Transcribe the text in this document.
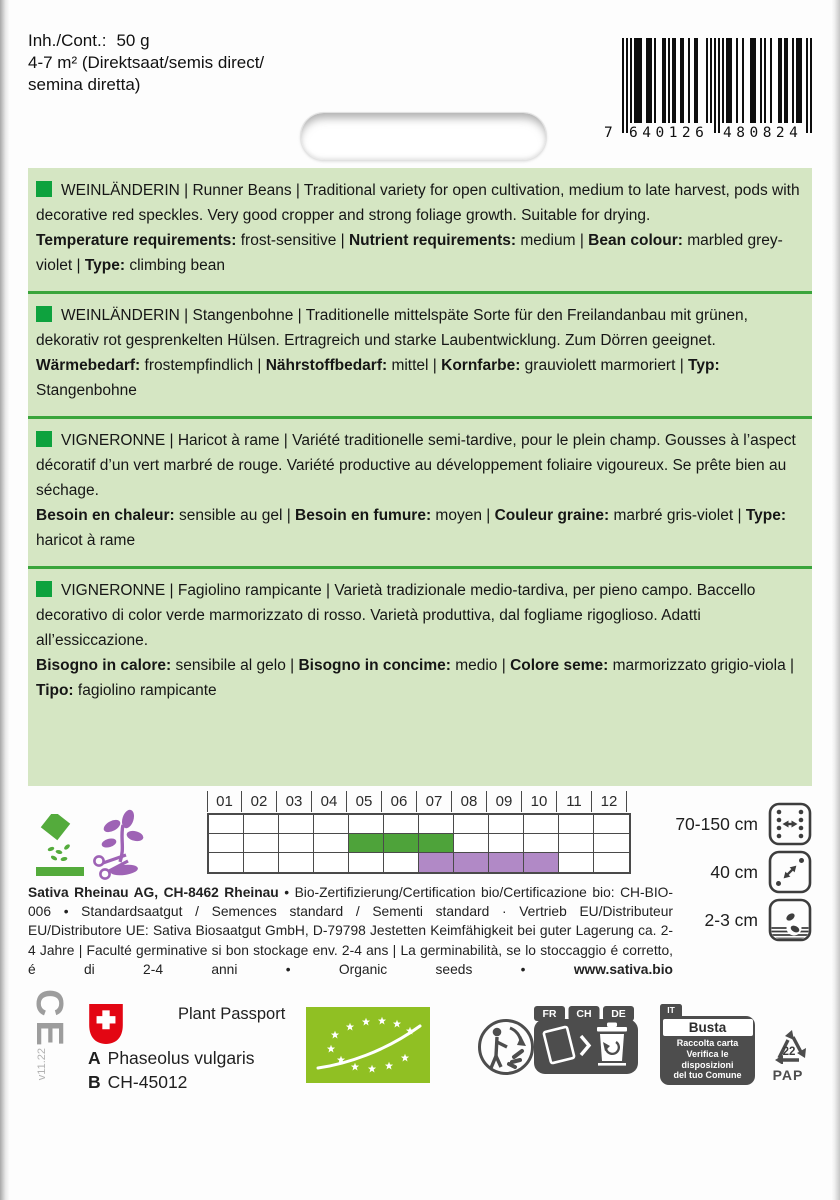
Inh./Cont.: 50 g
4-7 m² (Direktsaat/semis direct/
semina diretta)
7 640126 480824
WEINLÄNDERIN | Runner Beans | Traditional variety for open cultivation, medium to late harvest, pods with decorative red speckles. Very good cropper and strong foliage growth. Suitable for drying.
Temperature requirements: frost-sensitive | Nutrient requirements: medium | Bean colour: marbled grey-violet | Type: climbing bean
WEINLÄNDERIN | Stangenbohne | Traditionelle mittelspäte Sorte für den Freilandanbau mit grünen, dekorativ rot gesprenkelten Hülsen. Ertragreich und starke Laubentwicklung. Zum Dörren geeignet.
Wärmebedarf: frostempfindlich | Nährstoffbedarf: mittel | Kornfarbe: grauviolett marmoriert | Typ: Stangenbohne
VIGNERONNE | Haricot à rame | Variété traditionelle semi-tardive, pour le plein champ. Gousses à l’aspect décoratif d’un vert marbré de rouge. Variété productive au développement foliaire vigoureux. Se prête bien au séchage.
Besoin en chaleur: sensible au gel | Besoin en fumure: moyen | Couleur graine: marbré gris-violet | Type: haricot à rame
VIGNERONNE | Fagiolino rampicante | Varietà tradizionale medio-tardiva, per pieno campo. Baccello decorativo di color verde marmorizzato di rosso. Varietà produttiva, dal fogliame rigoglioso. Adatti all’essiccazione.
Bisogno in calore: sensibile al gelo | Bisogno in concime: medio | Colore seme: marmorizzato grigio-viola | Tipo: fagiolino rampicante
01	02	03	04	05	06	07	08	09	10	11	12
70-150 cm
40 cm
2-3 cm
Sativa Rheinau AG, CH-8462 Rheinau • Bio-Zertifizierung/Certification bio/Certificazione bio: CH-BIO-006 • Standardsaatgut / Semences standard / Sementi standard · Vertrieb EU/Distributeur EU/Distributore UE: Sativa Biosaatgut GmbH, D-79798 Jestetten Keimfähigkeit bei guter Lagerung ca. 2-4 Jahre | Faculté germinative si bon stockage env. 2-4 ans | La germinabilità, se lo stoccaggio é corretto, é di 2-4 anni • Organic seeds • www.sativa.bio
CE
v11.22
Plant Passport
A Phaseolus vulgaris
B CH-45012
FR CH DE	IT
Busta
Raccolta carta
Verifica le disposizioni
del tuo Comune
22
PAP
